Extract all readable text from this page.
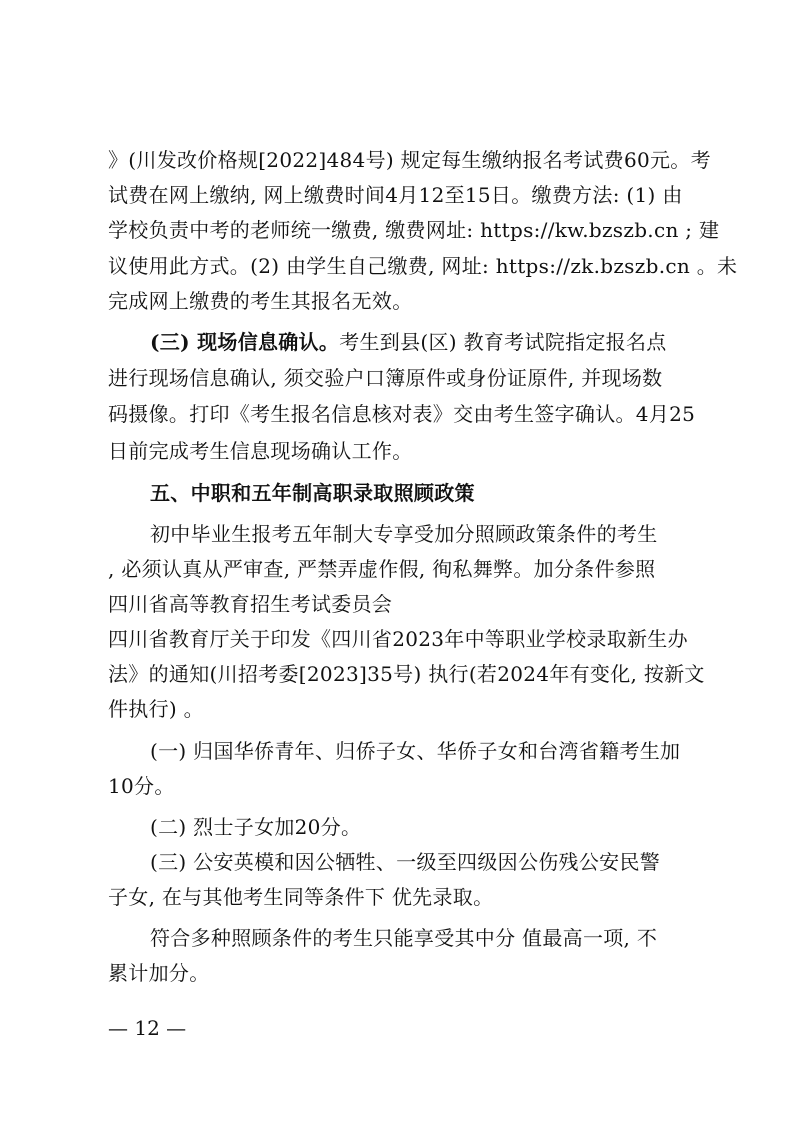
》(川发改价格规[2022]484号) 规定每生缴纳报名考试费60元。考
试费在网上缴纳, 网上缴费时间4月12至15日。缴费方法: (1) 由
学校负责中考的老师统一缴费, 缴费网址: https://kw.bzszb.cn ; 建
议使用此方式。(2) 由学生自己缴费, 网址: https://zk.bzszb.cn 。未
完成网上缴费的考生其报名无效。
(三) 现场信息确认。考生到县(区) 教育考试院指定报名点
进行现场信息确认, 须交验户口簿原件或身份证原件, 并现场数
码摄像。打印《考生报名信息核对表》交由考生签字确认。4月25
日前完成考生信息现场确认工作。
五、中职和五年制高职录取照顾政策
初中毕业生报考五年制大专享受加分照顾政策条件的考生
, 必须认真从严审查, 严禁弄虚作假, 徇私舞弊。加分条件参照
四川省高等教育招生考试委员会
四川省教育厅关于印发《四川省2023年中等职业学校录取新生办
法》的通知(川招考委[2023]35号) 执行(若2024年有变化, 按新文
件执行) 。
(一) 归国华侨青年、归侨子女、华侨子女和台湾省籍考生加
10分。
(二) 烈士子女加20分。
(三) 公安英模和因公牺牲、一级至四级因公伤残公安民警
子女, 在与其他考生同等条件下 优先录取。
符合多种照顾条件的考生只能享受其中分 值最高一项, 不
累计加分。
— 12 —
